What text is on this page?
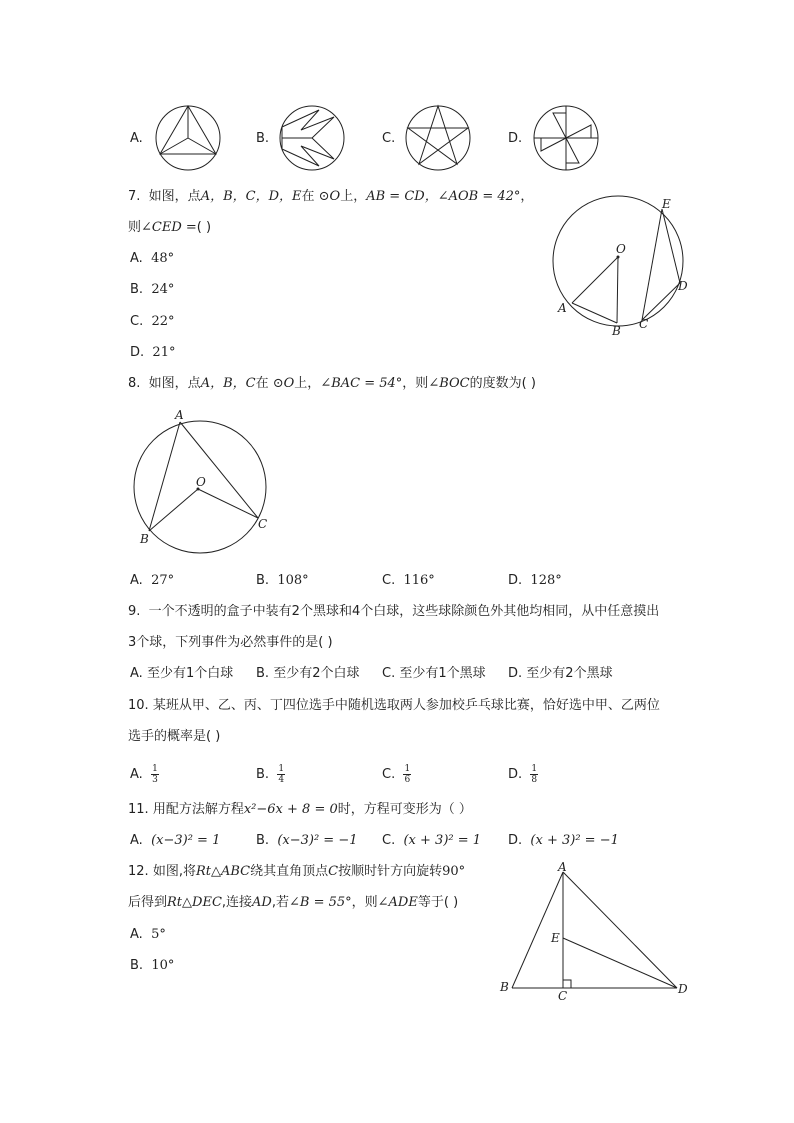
A.	B.	C.	D.
7. 如图，点A，B，C，D，E在 ⊙O上，AB = CD，∠AOB = 42°，
则∠CED =( )
A. 48°
B. 24°
C. 22°
D. 21°
O
A
B C
D
E
8. 如图，点A，B，C在 ⊙O上，∠BAC = 54°，则∠BOC的度数为( )
A
B
C
O
A. 27°	B. 108°	C. 116°	D. 128°
9. 一个不透明的盒子中装有2个黑球和4个白球，这些球除颜色外其他均相同，从中任意摸出
3个球，下列事件为必然事件的是( )
A. 至少有1个白球 B. 至少有2个白球 C. 至少有1个黑球 D. 至少有2个黑球
10. 某班从甲、乙、丙、丁四位选手中随机选取两人参加校乒乓球比赛，恰好选中甲、乙两位
选手的概率是( )
A. $\frac{1}{3}$	B. $\frac{1}{4}$	C. $\frac{1}{6}$	D. $\frac{1}{8}$
11. 用配方法解方程x²−6x + 8 = 0时，方程可变形为（ ）
A. (x−3)² = 1	B. (x−3)² = −1 C. (x + 3)² = 1 D. (x + 3)² = −1
12. 如图,将Rt△ABC绕其直角顶点C按顺时针方向旋转90°
后得到Rt△DEC,连接AD,若∠B = 55°，则∠ADE等于( )
A. 5°
B. 10°
A
B
C	D
E
